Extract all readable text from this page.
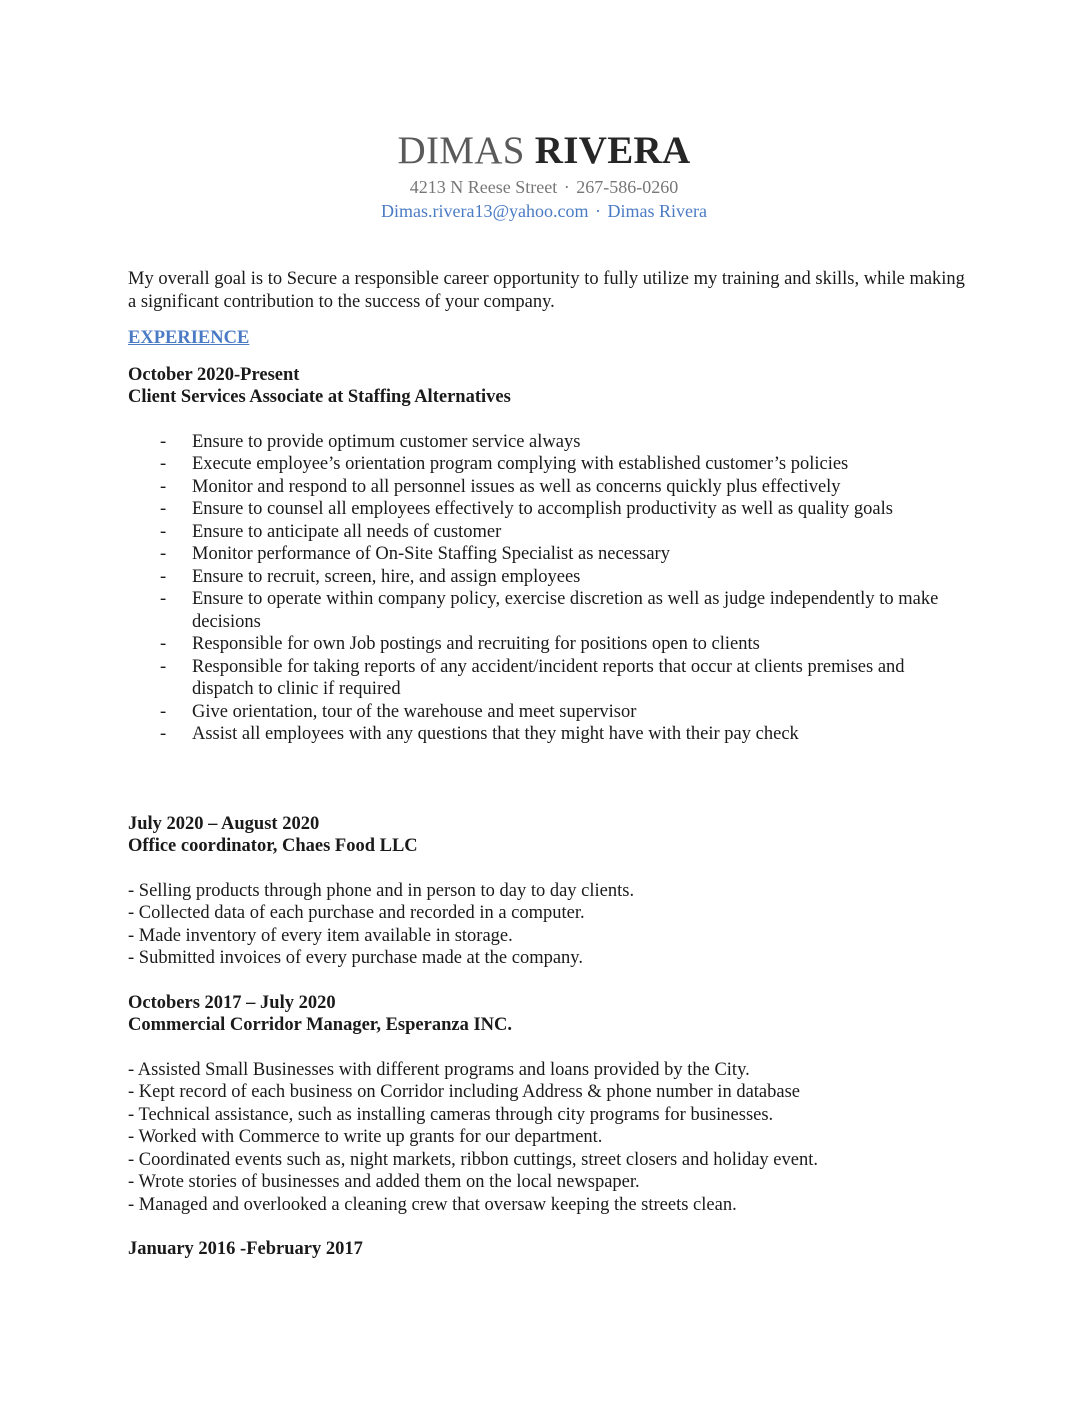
DIMAS RIVERA
4213 N Reese Street · 267-586-0260
Dimas.rivera13@yahoo.com · Dimas Rivera

My overall goal is to Secure a responsible career opportunity to fully utilize my training and skills, while making a significant contribution to the success of your company.

EXPERIENCE
October 2020-Present
Client Services Associate at Staffing Alternatives
- Ensure to provide optimum customer service always
- Execute employee’s orientation program complying with established customer’s policies
- Monitor and respond to all personnel issues as well as concerns quickly plus effectively
- Ensure to counsel all employees effectively to accomplish productivity as well as quality goals
- Ensure to anticipate all needs of customer
- Monitor performance of On-Site Staffing Specialist as necessary
- Ensure to recruit, screen, hire, and assign employees
- Ensure to operate within company policy, exercise discretion as well as judge independently to make decisions
- Responsible for own Job postings and recruiting for positions open to clients
- Responsible for taking reports of any accident/incident reports that occur at clients premises and dispatch to clinic if required
- Give orientation, tour of the warehouse and meet supervisor
- Assist all employees with any questions that they might have with their pay check
July 2020 – August 2020
Office coordinator, Chaes Food LLC
- Selling products through phone and in person to day to day clients.
- Collected data of each purchase and recorded in a computer.
- Made inventory of every item available in storage.
- Submitted invoices of every purchase made at the company.
Octobers 2017 – July 2020
Commercial Corridor Manager, Esperanza INC.
- Assisted Small Businesses with different programs and loans provided by the City.
- Kept record of each business on Corridor including Address & phone number in database
- Technical assistance, such as installing cameras through city programs for businesses.
- Worked with Commerce to write up grants for our department.
- Coordinated events such as, night markets, ribbon cuttings, street closers and holiday event.
- Wrote stories of businesses and added them on the local newspaper.
- Managed and overlooked a cleaning crew that oversaw keeping the streets clean.
January 2016 -February 2017
